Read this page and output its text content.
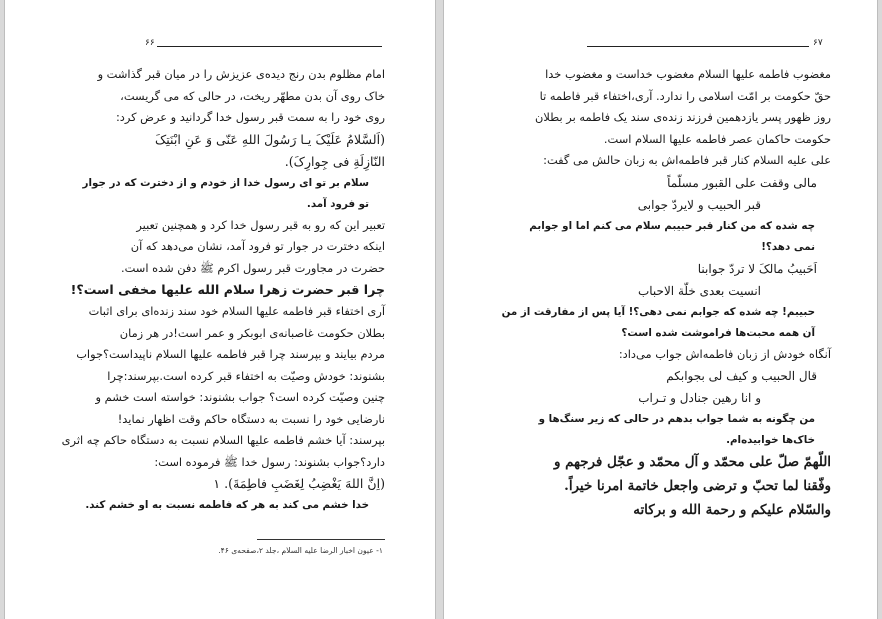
۶۶
امام مظلوم بدن رنج دیده‌ی عزیزش را در میان قبر گذاشت و
خاک روی آن بدن مطهّر ریخت، در حالی که می گریست،
روی خود را به سمت قبر رسول خدا گردانید و عرض کرد:
(اَلسَّلامُ عَلَیْکَ یـا رَسُولَ اللهِ عَنّی وَ عَنِ ابْنَتِکَ
النّازِلَةِ فی جِوارِکَ).
سلام بر تو ای رسول خدا از خودم و از دخترت که در جوار
تو فرود آمد.
تعبیر این که رو به قبر رسول خدا کرد و همچنین تعبیر
اینکه دخترت در جوار تو فرود آمد، نشان می‌دهد که آن
حضرت در مجاورت قبر رسول اکرم ﷺ دفن شده است.
چرا قبر حضرت زهرا سلام الله علیها مخفی است؟!
آری اختفاء قبر فاطمه علیها السلام خود سند زنده‌ای برای اثبات
بطلان حکومت غاصبانه‌ی ابوبکر و عمر است!در هر زمان
مردم بیایند و بپرسند چرا قبر فاطمه علیها السلام ناپیداست؟جواب
بشنوند: خودش وصیّت به اختفاء قبر کرده است.بپرسند:چرا
چنین وصیّت کرده است؟ جواب بشنوند: خواسته است خشم و
نارضایی خود را نسبت به دستگاه حاکم وقت اظهار نماید!
بپرسند: آیا خشم فاطمه علیها السلام نسبت به دستگاه حاکم چه اثری
دارد؟جواب بشنوند: رسول خدا ﷺ فرموده است:
(اِنَّ اللهَ یَغْضِبُ لِغَضَبِ فاطِمَةَ). ١
خدا خشم می کند به هر که فاطمه نسبت به او خشم کند.
١- عیون اخبار الرضا علیه السلام ،جلد ٢،صفحه‌ی ۴۶.
۶۷
مغضوب فاطمه علیها السلام مغضوب خداست و مغضوب خدا
حقّ حکومت بر امّت اسلامی را ندارد. آری،اختفاء قبر فاطمه تا
روز ظهور پسر یازدهمین فرزند زنده‌ی سند یک فاطمه بر بطلان
حکومت حاکمان عصر فاطمه علیها السلام است.
علی علیه السلام کنار قبر فاطمه‌اش به زبان حالش می گفت:
مالی وقفت علی القبور مسلّماً
قبر الحبیب و لایردّ جوابی
چه شده که من کنار قبر حبیبم سلام می کنم اما او جوابم
نمی دهد؟!
اَحَبیبُ مالکَ لا تردّ جوابنا
انسیت بعدی خلّة الاحباب
حبیبم! چه شده که جوابم نمی دهی؟! آیا پس از مفارقت از من
آن همه محبت‌ها فراموشت شده است؟
آنگاه خودش از زبان فاطمه‌اش جواب می‌داد:
قال الحبیب و کیف لی بجوابکم
و انا رهین جنادل و تـراب
من چگونه به شما جواب بدهم در حالی که زیر سنگ‌ها و
خاک‌ها خوابیده‌ام.
اللّهمّ صلّ علی محمّد و آل محمّد و عجّل فرجهم و
وفّقنا لما تحبّ و ترضی واجعل خاتمة امرنا خیراً.
والسّلام علیکم و رحمة الله و برکاته
